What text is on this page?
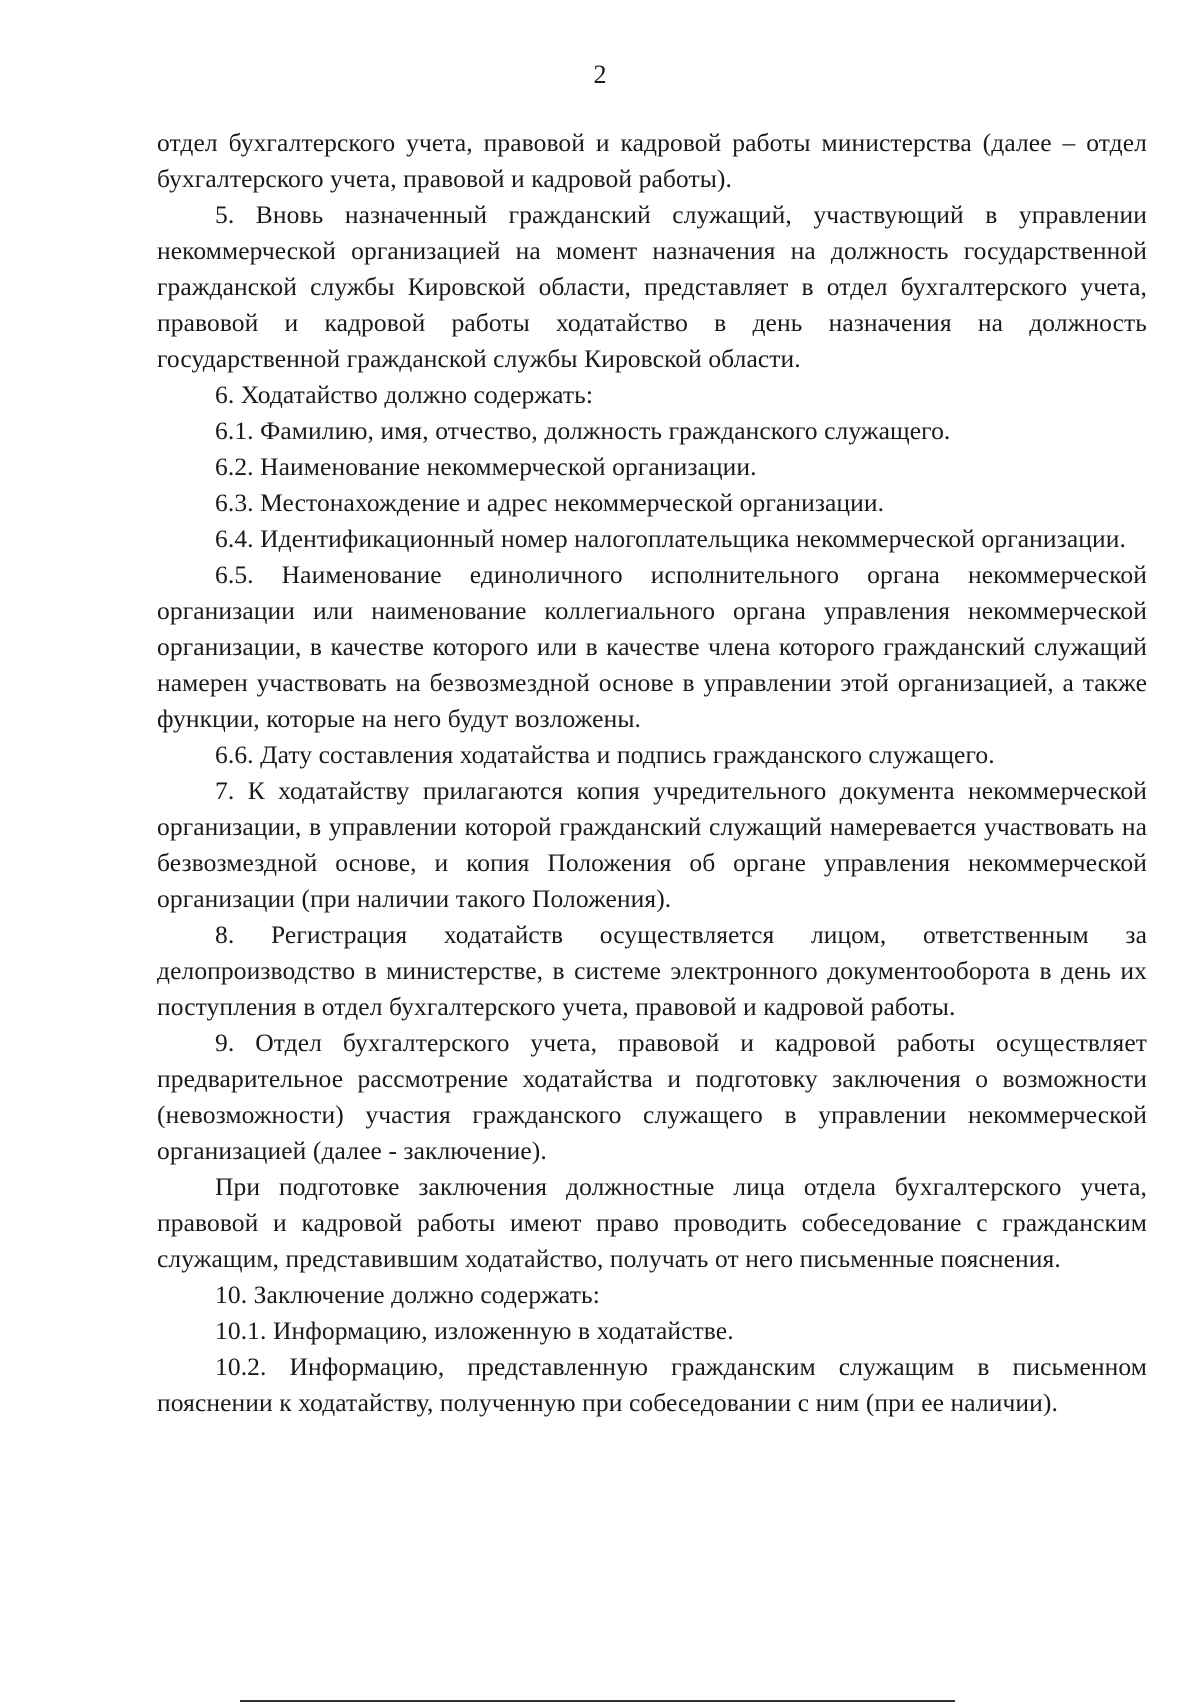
2

отдел бухгалтерского учета, правовой и кадровой работы министерства (далее – отдел бухгалтерского учета, правовой и кадровой работы).

5. Вновь назначенный гражданский служащий, участвующий в управлении некоммерческой организацией на момент назначения на должность государственной гражданской службы Кировской области, представляет в отдел бухгалтерского учета, правовой и кадровой работы ходатайство в день назначения на должность государственной гражданской службы Кировской области.

6. Ходатайство должно содержать:

6.1. Фамилию, имя, отчество, должность гражданского служащего.

6.2. Наименование некоммерческой организации.

6.3. Местонахождение и адрес некоммерческой организации.

6.4. Идентификационный номер налогоплательщика некоммерческой организации.

6.5. Наименование единоличного исполнительного органа некоммерческой организации или наименование коллегиального органа управления некоммерческой организации, в качестве которого или в качестве члена которого гражданский служащий намерен участвовать на безвозмездной основе в управлении этой организацией, а также функции, которые на него будут возложены.

6.6. Дату составления ходатайства и подпись гражданского служащего.

7. К ходатайству прилагаются копия учредительного документа некоммерческой организации, в управлении которой гражданский служащий намеревается участвовать на безвозмездной основе, и копия Положения об органе управления некоммерческой организации (при наличии такого Положения).

8. Регистрация ходатайств осуществляется лицом, ответственным за делопроизводство в министерстве, в системе электронного документооборота в день их поступления в отдел бухгалтерского учета, правовой и кадровой работы.

9. Отдел бухгалтерского учета, правовой и кадровой работы осуществляет предварительное рассмотрение ходатайства и подготовку заключения о возможности (невозможности) участия гражданского служащего в управлении некоммерческой организацией (далее - заключение).

При подготовке заключения должностные лица отдела бухгалтерского учета, правовой и кадровой работы имеют право проводить собеседование с гражданским служащим, представившим ходатайство, получать от него письменные пояснения.

10. Заключение должно содержать:

10.1. Информацию, изложенную в ходатайстве.

10.2. Информацию, представленную гражданским служащим в письменном пояснении к ходатайству, полученную при собеседовании с ним (при ее наличии).
